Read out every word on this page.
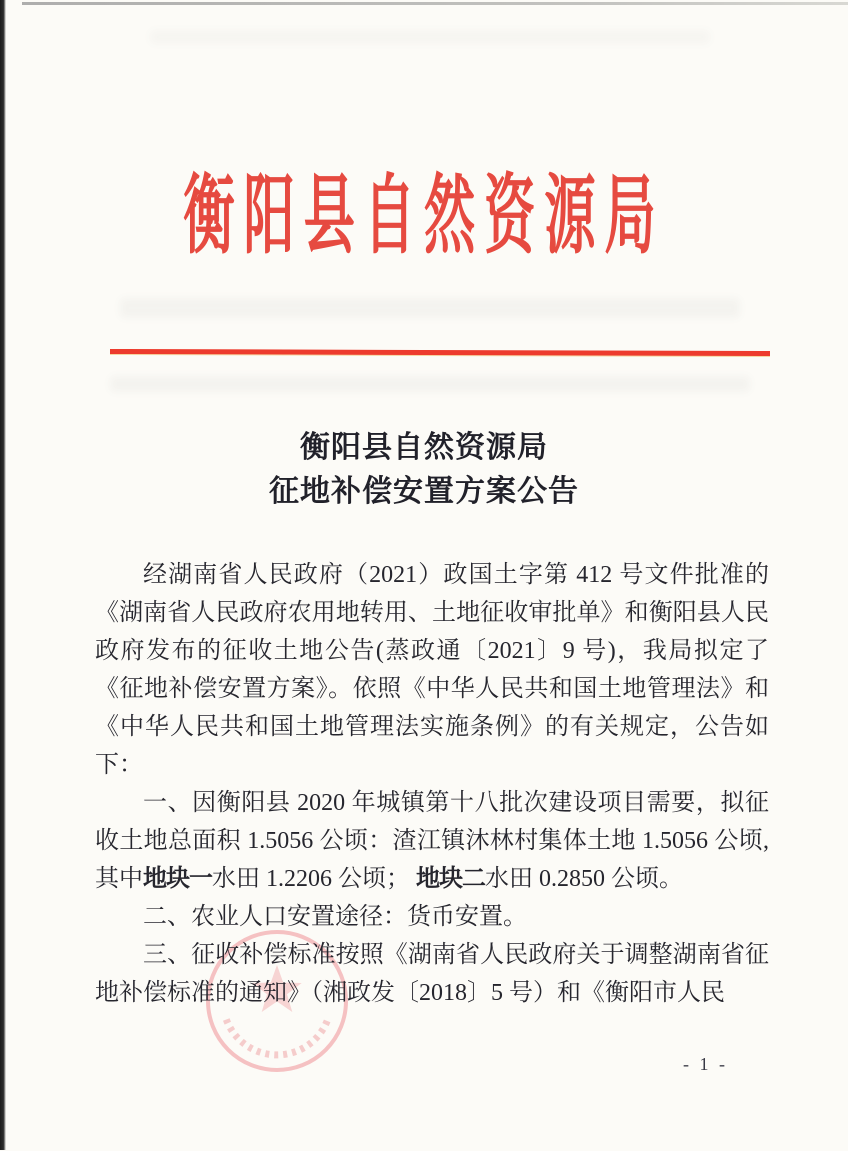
衡阳县自然资源局
衡阳县自然资源局
征地补偿安置方案公告

经湖南省人民政府（2021）政国土字第 412 号文件批准的《湖南省人民政府农用地转用、土地征收审批单》和衡阳县人民政府发布的征收土地公告(蒸政通〔2021〕9 号)，我局拟定了《征地补偿安置方案》。依照《中华人民共和国土地管理法》和《中华人民共和国土地管理法实施条例》的有关规定，公告如下：

一、因衡阳县 2020 年城镇第十八批次建设项目需要，拟征收土地总面积 1.5056 公顷：渣江镇沐林村集体土地 1.5056 公顷,其中地块一水田 1.2206 公顷； 地块二水田 0.2850 公顷。

二、农业人口安置途径：货币安置。

三、征收补偿标准按照《湖南省人民政府关于调整湖南省征地补偿标准的通知》（湘政发〔2018〕5 号）和《衡阳市人民

- 1 -
